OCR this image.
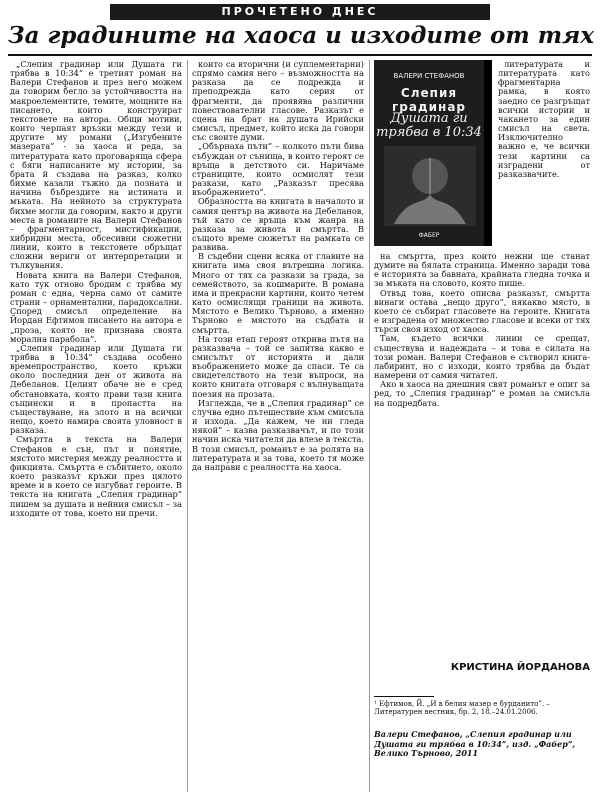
ПРОЧЕТЕНО ДНЕС
За градините на хаоса и изходите от тях

„Слепия градинар или Душата ги трябва в 10:34” е третият роман на Валери Стефанов и през него можем да говорим бегло за устойчивостта на макроелементите, темите, мощните на писането, които конструират текстовете на автора. Общи мотиви, които черпаят връзки между тези и другите му романи („Изгубените мазерата” - за хаоса и реда, за литературата като проговаряща сфера с бяги написаните му истории, за брата й създава на разказ, колко бихме казали тъжно да позната и начина бъбрездите на истината и мъката. На нейното за структурата бихме могли да говорим, както и други места в романите на Валери Стефанов – фрагментарност, мистификации, хибридни места, обсесивни сюжетни линии, които в текстовете обръщат сложни вериги от интерпретации и тълкувания.

Новата книга на Валери Стефанов, като тук отново бродим с трябва му роман с една, черна само от самите страни – орнаментални, парадоксални. Според смисъл определение на Йордан Ефтимов писането на автора е „проза, която не признава своята морална парабола”.

„Слепия градинар или Душата ги трябва в 10:34” създава особено времепространство, което кръжи около последния ден от живота на Дебеланов. Целият обаче не е сред обстановката, която прави тази книга същински и в пропастта на съществуване, на злото и на всички нещо, което намира своята уловност в разказа.

Смъртта в текста на Валери Стефанов е сън, път и понятие, мястото мистерия между реалността и фикцията. Смъртта е събитието, около което разказът кръжи през цялото време и в което се изгубват героите. В текста на книгата „Слепия градинар” пишем за душата и нейния смисъл – за изходите от това, което ни пречи.

които са вторични (и суплементарни) спрямо самия него – възможността на разказа да се подрежда и преподрежда като серия от фрагменти, да проявява различни повествователни гласове. Разказът е сцена на брат на душата Ирийски смисъл, предмет, който иска да говори със своите думи.

„Обърнаха пъти” – колкото пъти бива събуждан от сънища, в които героят се връща в детството си. Наричаме страниците, които осмислят тези разкази, като „Разказът пресява въображението”.

Образността на книгата в началото и самия център на живота на Дебеланов, тъй като се връща към жанра на разказа за живота и смъртта. В същото време сюжетът на рамката се развива.

В съдебни сцени всяка от главите на книгата има своя вътрешна логика. Много от тях са разкази за града, за семейството, за кошмарите. В романа има и прекрасни картини, които четем като осмислящи граници на живота. Мястото е Велико Търново, а именно Търново е мястото на съдбата и смъртта.

На този етап героят открива пътя на разказвача – той се запитва какво е смисълът от историята и дали въображението може да спаси. Те са свидетелството на тези въпроси, на които книгата отговаря с вълнуващата поезия на прозата.

Изглежда, че в „Слепия градинар” се случва едно пътешествие към смисъла и изхода. „Да кажем, че ни гледа някой” – казва разказвачът, и по този начин иска читателя да влезе в текста. В този смисъл, романът е за ролята на литературата и за това, което тя може да направи с реалността на хаоса.

ВАЛЕРИ СТЕФАНОВ
Слепия градинар
Душата ги трябва в 10:34
ФАБЕР

литературата и литературата като фрагментарна рамка, в която заедно се разгръщат всички истории и чакането за един смисъл на света. Изключително важно е, че всички тези картини са изградени от разказвачите.

на смъртта, през които нежни ще станат думите на бялата страница. Именно заради това е историята за бавната, крайната гледна точка и за мъката на словото, която пише.

Отвъд това, което описва разказът, смъртта винаги остава „нещо друго”, някакво място, в което се събират гласовете на героите. Книгата е изградена от множество гласове и всеки от тях търси своя изход от хаоса.

Там, където всички линии се срещат, съществува и надеждата – и това е силата на този роман. Валери Стефанов е сътворил книга-лабиринт, но с изходи, които трябва да бъдат намерени от самия читател.

Ако в хаоса на днешния свят романът е опит за ред, то „Слепия градинар” е роман за смисъла на подредбата.

КРИСТИНА ЙОРДАНОВА
¹ Ефтимов, Й. „И в белия мазер е бурданито”. – Литературен вестник, бр. 2, 18.–24.01.2006.
Валери Стефанов, „Слепия градинар или Душата ги трябва в 10:34”, изд. „Фабер”, Велико Търново, 2011
